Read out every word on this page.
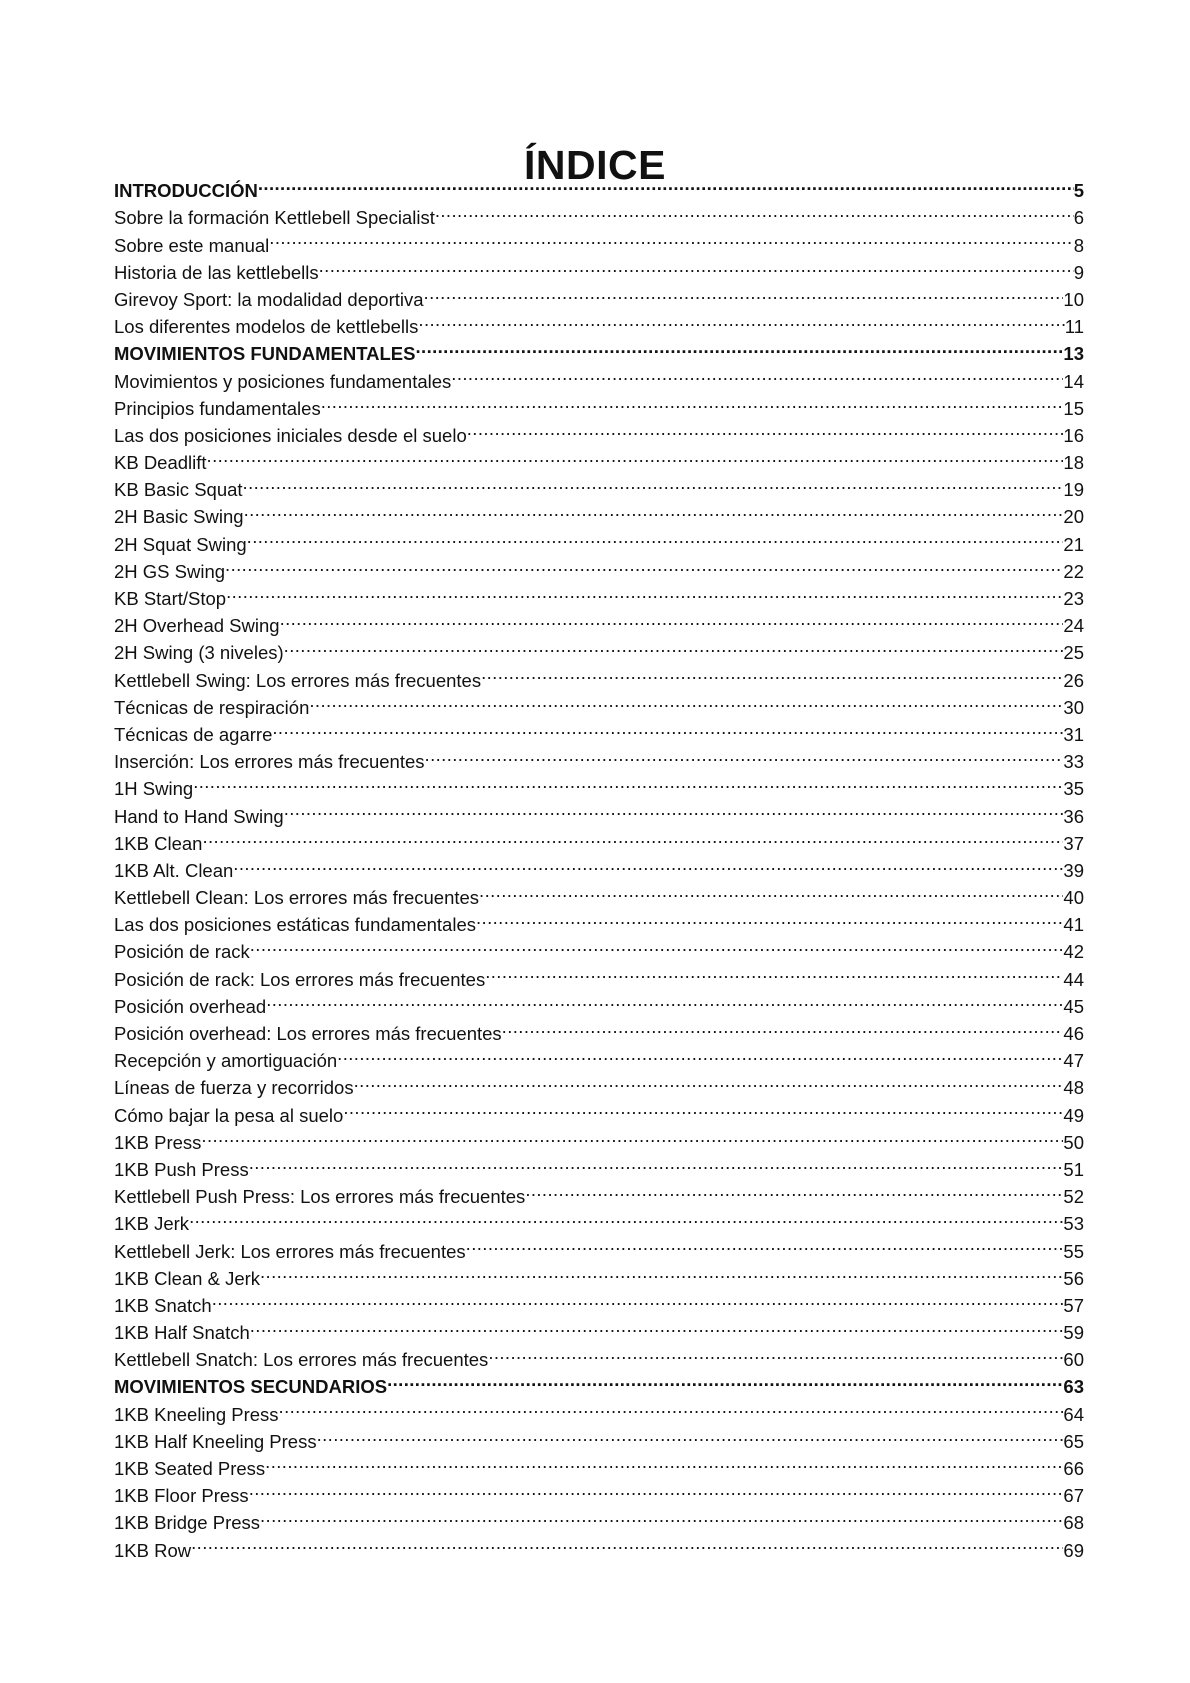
ÍNDICE
INTRODUCCIÓN .....	5
Sobre la formación Kettlebell Specialist .....	6
Sobre este manual .....	8
Historia de las kettlebells .....	9
Girevoy Sport: la modalidad deportiva .....	10
Los diferentes modelos de kettlebells .....	11
MOVIMIENTOS FUNDAMENTALES .....	13
Movimientos y posiciones fundamentales .....	14
Principios fundamentales .....	15
Las dos posiciones iniciales desde el suelo .....	16
KB Deadlift .....	18
KB Basic Squat .....	19
2H Basic Swing .....	20
2H Squat Swing .....	21
2H GS Swing .....	22
KB Start/Stop .....	23
2H Overhead Swing .....	24
2H Swing (3 niveles) .....	25
Kettlebell Swing: Los errores más frecuentes .....	26
Técnicas de respiración .....	30
Técnicas de agarre .....	31
Inserción: Los errores más frecuentes .....	33
1H Swing .....	35
Hand to Hand Swing .....	36
1KB Clean .....	37
1KB Alt. Clean .....	39
Kettlebell Clean: Los errores más frecuentes .....	40
Las dos posiciones estáticas fundamentales .....	41
Posición de rack .....	42
Posición de rack: Los errores más frecuentes .....	44
Posición overhead .....	45
Posición overhead: Los errores más frecuentes .....	46
Recepción y amortiguación .....	47
Líneas de fuerza y recorridos .....	48
Cómo bajar la pesa al suelo .....	49
1KB Press .....	50
1KB Push Press .....	51
Kettlebell Push Press: Los errores más frecuentes .....	52
1KB Jerk .....	53
Kettlebell Jerk: Los errores más frecuentes .....	55
1KB Clean & Jerk .....	56
1KB Snatch .....	57
1KB Half Snatch .....	59
Kettlebell Snatch: Los errores más frecuentes .....	60
MOVIMIENTOS SECUNDARIOS .....	63
1KB Kneeling Press .....	64
1KB Half Kneeling Press .....	65
1KB Seated Press .....	66
1KB Floor Press .....	67
1KB Bridge Press .....	68
1KB Row .....	69
